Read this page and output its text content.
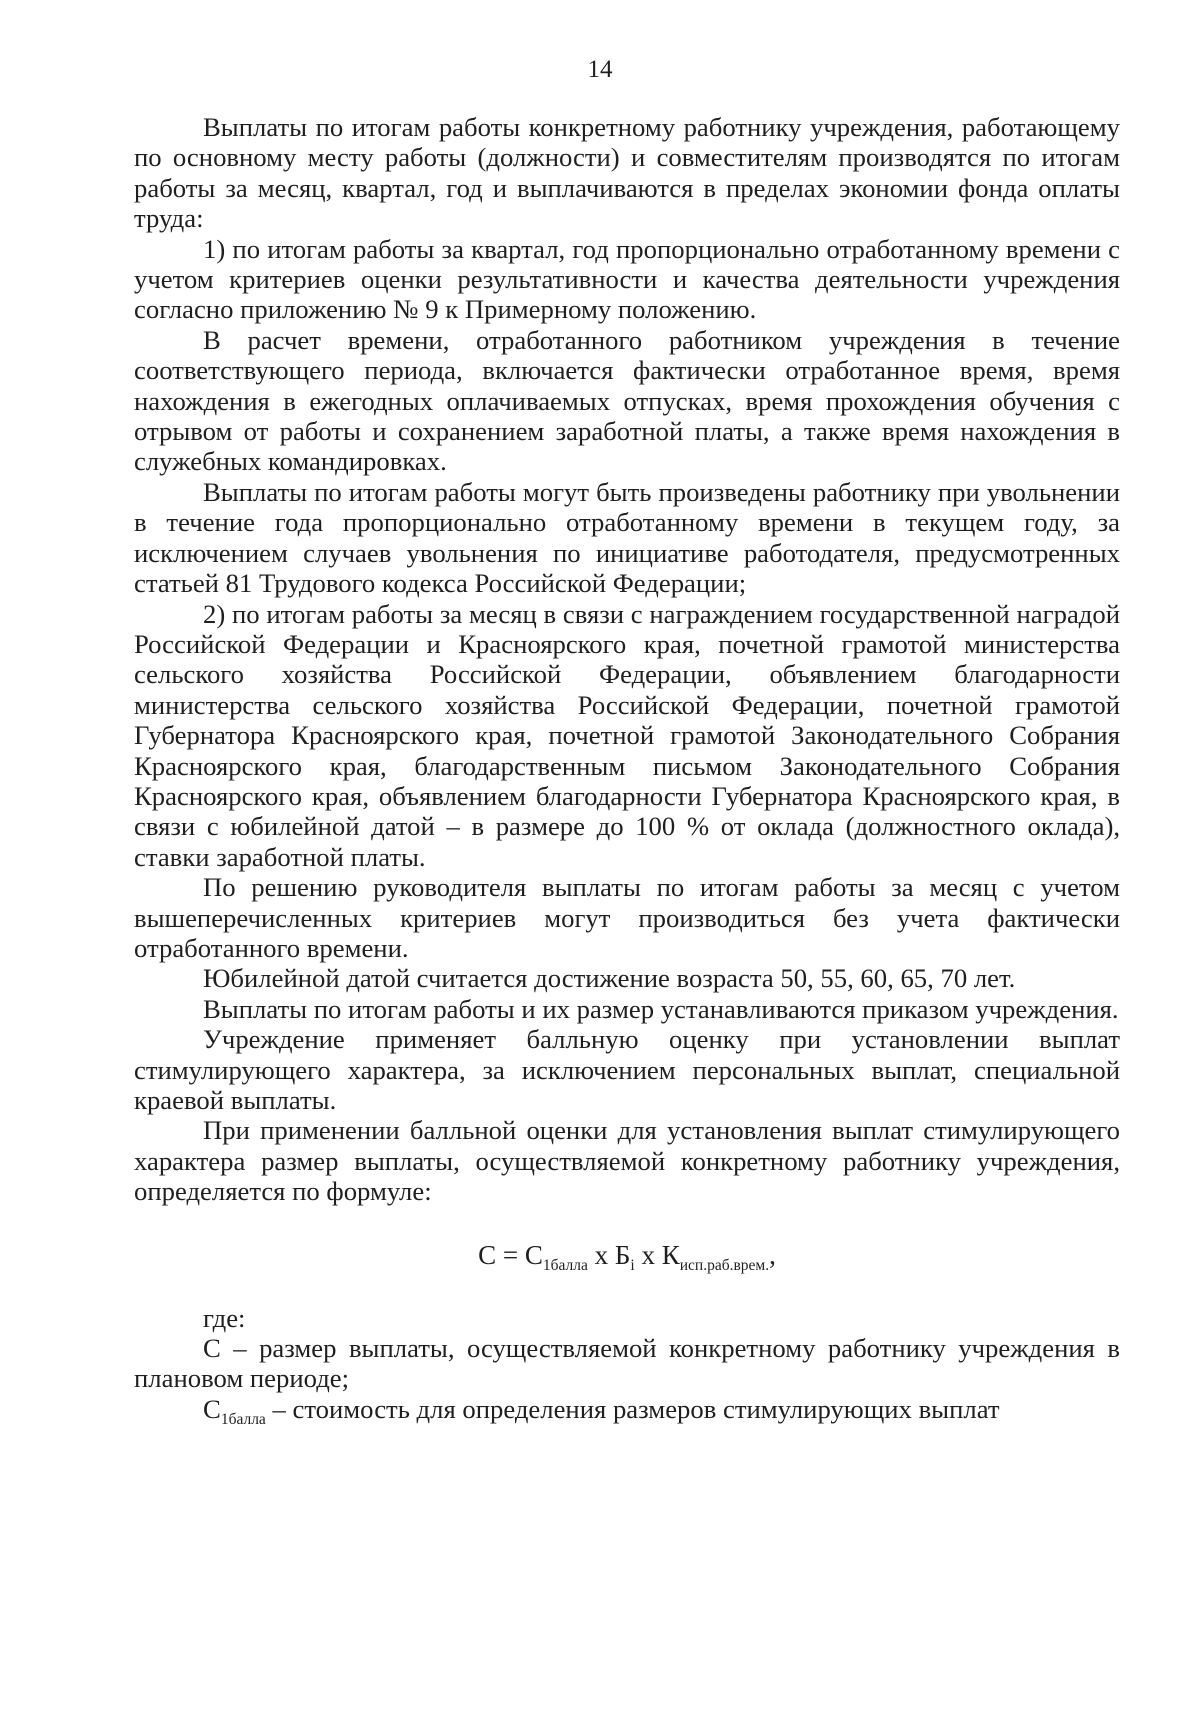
14

Выплаты по итогам работы конкретному работнику учреждения, работающему по основному месту работы (должности) и совместителям производятся по итогам работы за месяц, квартал, год и выплачиваются в пределах экономии фонда оплаты труда:

1) по итогам работы за квартал, год пропорционально отработанному времени с учетом критериев оценки результативности и качества деятельности учреждения согласно приложению № 9 к Примерному положению.

В расчет времени, отработанного работником учреждения в течение соответствующего периода, включается фактически отработанное время, время нахождения в ежегодных оплачиваемых отпусках, время прохождения обучения с отрывом от работы и сохранением заработной платы, а также время нахождения в служебных командировках.

Выплаты по итогам работы могут быть произведены работнику при увольнении в течение года пропорционально отработанному времени в текущем году, за исключением случаев увольнения по инициативе работодателя, предусмотренных статьей 81 Трудового кодекса Российской Федерации;

2) по итогам работы за месяц в связи с награждением государственной наградой Российской Федерации и Красноярского края, почетной грамотой министерства сельского хозяйства Российской Федерации, объявлением благодарности министерства сельского хозяйства Российской Федерации, почетной грамотой Губернатора Красноярского края, почетной грамотой Законодательного Собрания Красноярского края, благодарственным письмом Законодательного Собрания Красноярского края, объявлением благодарности Губернатора Красноярского края, в связи с юбилейной датой – в размере до 100 % от оклада (должностного оклада), ставки заработной платы.

По решению руководителя выплаты по итогам работы за месяц с учетом вышеперечисленных критериев могут производиться без учета фактически отработанного времени.

Юбилейной датой считается достижение возраста 50, 55, 60, 65, 70 лет.

Выплаты по итогам работы и их размер устанавливаются приказом учреждения.

Учреждение применяет балльную оценку при установлении выплат стимулирующего характера, за исключением персональных выплат, специальной краевой выплаты.

При применении балльной оценки для установления выплат стимулирующего характера размер выплаты, осуществляемой конкретному работнику учреждения, определяется по формуле:

$С = С_{1балла}$ х $Б_i$ х $К_{исп.раб.врем.}$,

где:

С – размер выплаты, осуществляемой конкретному работнику учреждения в плановом периоде;

$С_{1балла}$ – стоимость для определения размеров стимулирующих выплат
